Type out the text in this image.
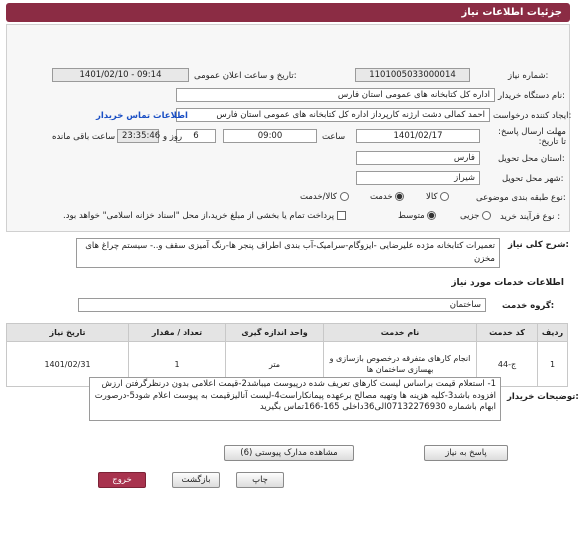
جزئیات اطلاعات نیاز
شماره نیاز:
1101005033000014
تاریخ و ساعت اعلان عمومی:
1401/02/10 - 09:14
نام دستگاه خریدار:
اداره کل کتابخانه های عمومی استان فارس
ایجاد کننده درخواست:
احمد کمالی دشت ارژنه کارپرداز اداره کل کتابخانه های عمومی استان فارس
اطلاعات تماس خریدار
مهلت ارسال پاسخ: تا تاریخ:
1401/02/17
ساعت
09:00
6
روز و
23:35:46
ساعت باقی مانده
استان محل تحویل:
فارس
شهر محل تحویل:
شیراز
نوع طبقه بندی موضوعی:
کالا
خدمت
کالا/خدمت
نوع فرآیند خرید :
جزیی
متوسط
پرداخت تمام یا بخشی از مبلغ خرید،از محل "اسناد خزانه اسلامی" خواهد بود.
شرح کلی نیاز:
تعمیرات کتابخانه مژده علیرضایی -ایزوگام-سرامیک-آب بندی اطراف پنجر ها-رنگ آمیزی سقف و..- سیستم چراغ های مخزن
اطلاعات خدمات مورد نیاز
گروه خدمت:
ساختمان
ردیف	کد خدمت	نام خدمت	واحد اندازه گیری	تعداد / مقدار	تاریخ نیاز
1	ج-44	انجام کارهای متفرقه درخصوص بازسازی و بهسازی ساختمان ها	متر	1	1401/02/31
توضیحات خریدار:
1- استعلام قیمت براساس لیست کارهای تعریف شده درپیوست میباشد2-قیمت اعلامی بدون درنظرگرفتن ارزش افزوده باشد3-کلیه هزینه ها وتهیه مصالح برعهده پیمانکاراست4-لیست آنالیزقیمت به پیوست اعلام شود5-درصورت ابهام باشماره 07132276930الی36داخلی 165-166تماس بگیرید
پاسخ به نیاز
مشاهده مدارک پیوستی (6)
چاپ
بازگشت
خروج
